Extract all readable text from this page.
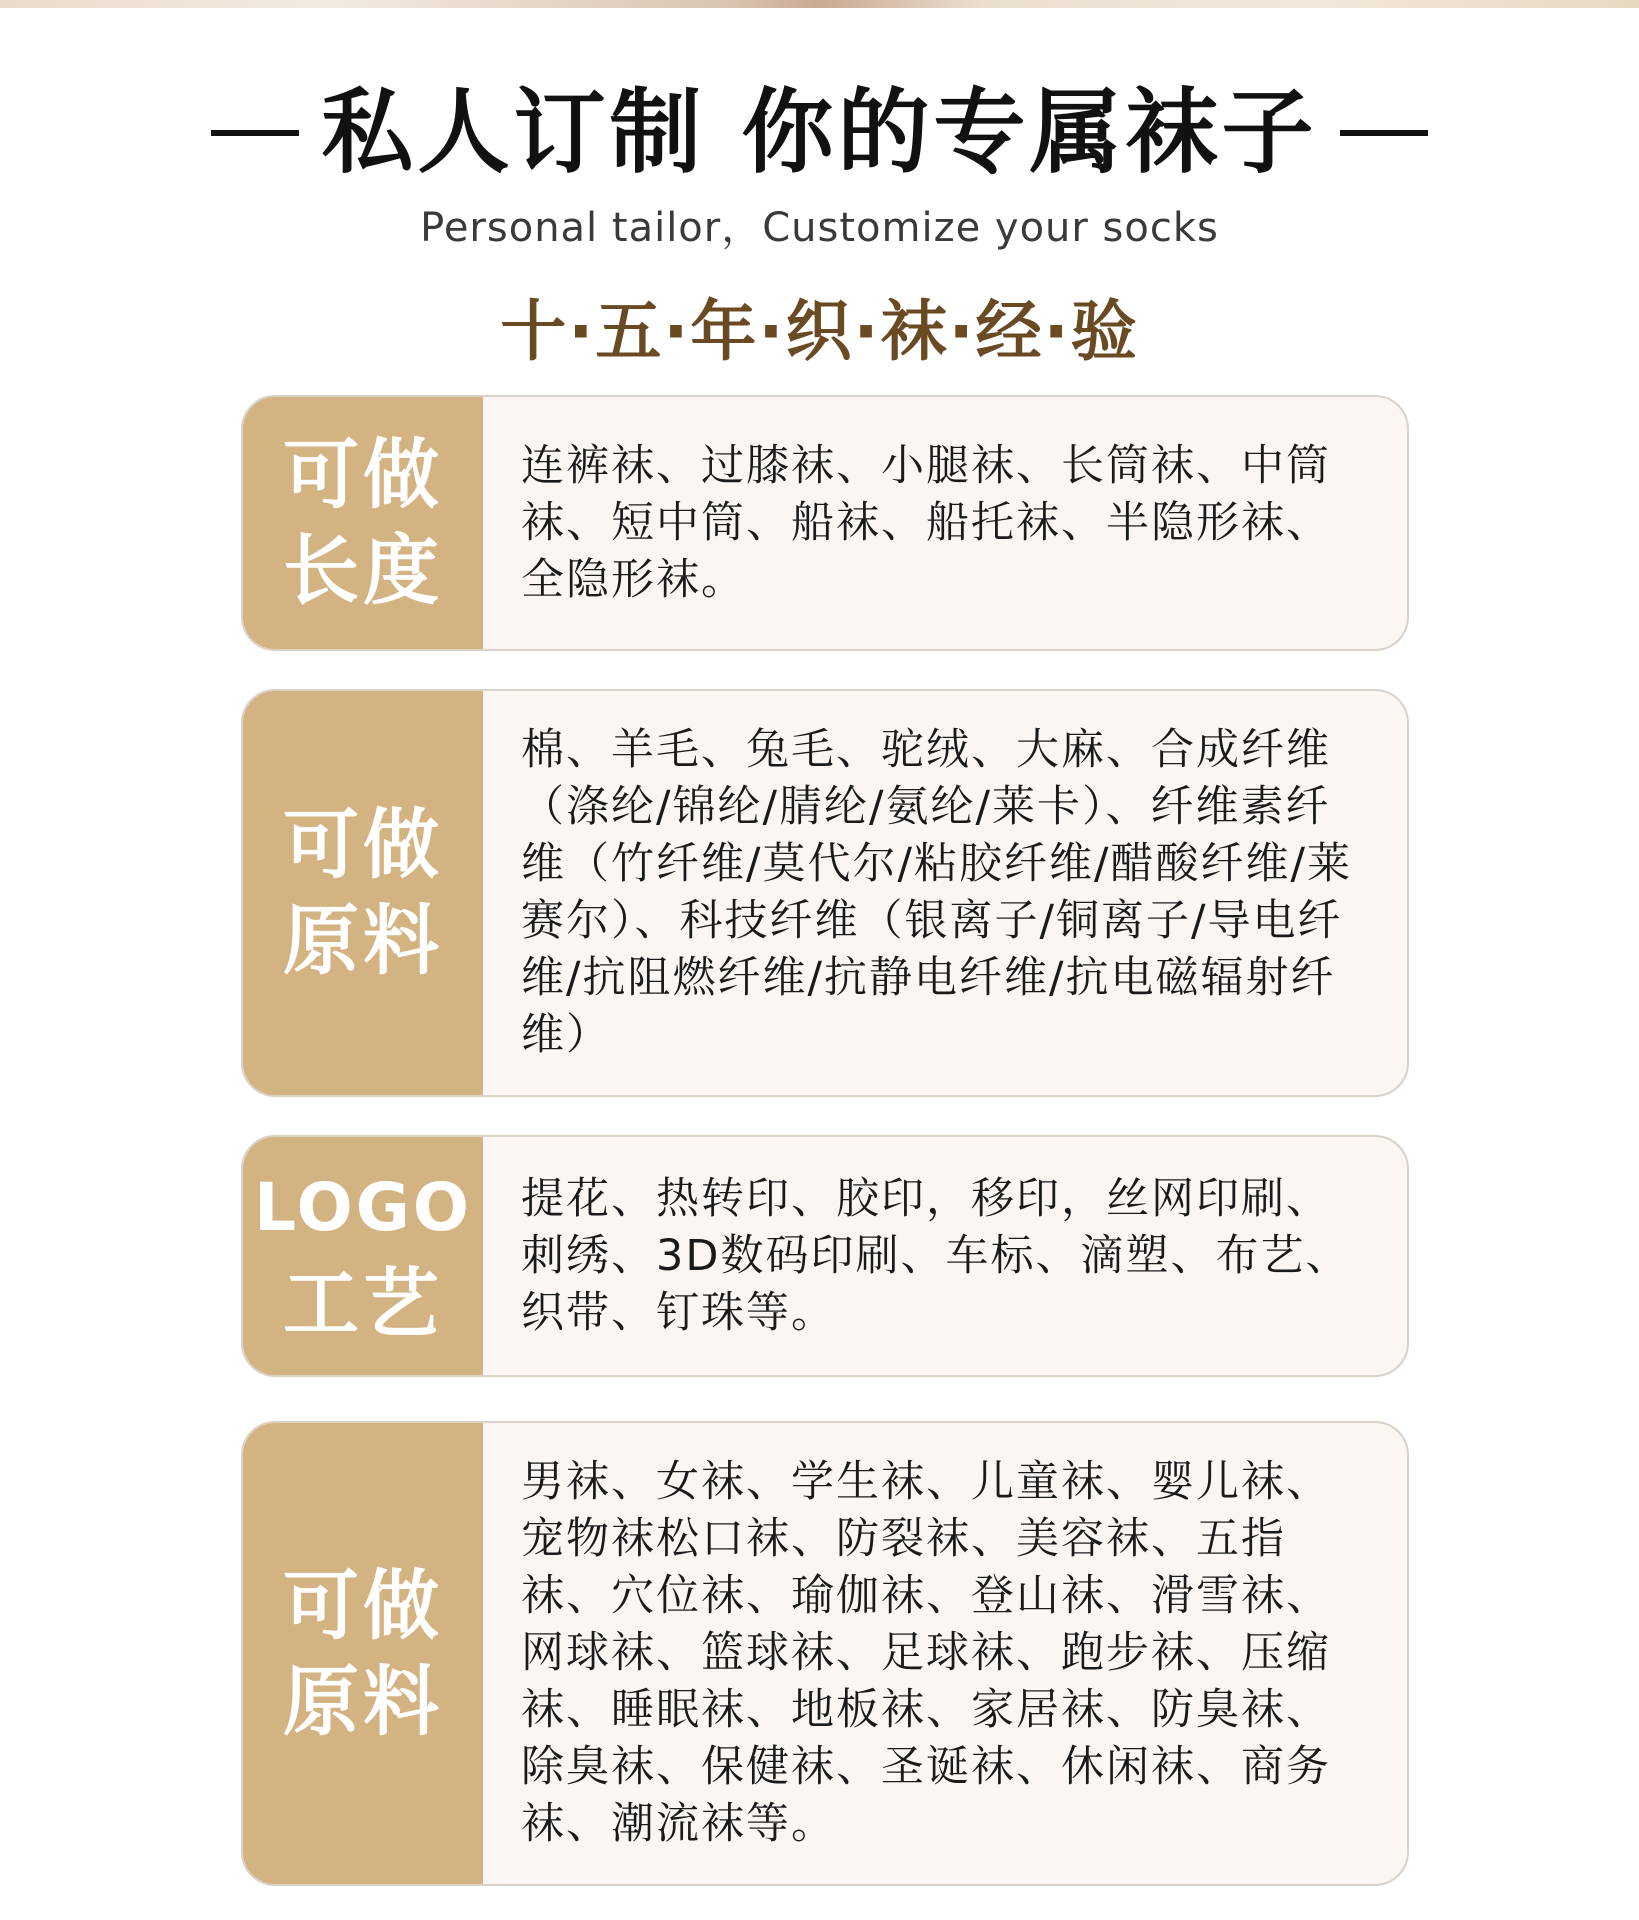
私人订制 你的专属袜子
Personal tailor，Customize your socks
十·五·年·织·袜·经·验
可做
长度
连裤袜、过膝袜、小腿袜、长筒袜、中筒袜、短中筒、船袜、船托袜、半隐形袜、全隐形袜。
可做
原料
棉、羊毛、兔毛、驼绒、大麻、合成纤维（涤纶/锦纶/腈纶/氨纶/莱卡）、纤维素纤维（竹纤维/莫代尔/粘胶纤维/醋酸纤维/莱赛尔）、科技纤维（银离子/铜离子/导电纤维/抗阻燃纤维/抗静电纤维/抗电磁辐射纤维）
LOGO
工艺
提花、热转印、胶印，移印，丝网印刷、刺绣、3D数码印刷、车标、滴塑、布艺、织带、钉珠等。
可做
原料
男袜、女袜、学生袜、儿童袜、婴儿袜、宠物袜松口袜、防裂袜、美容袜、五指袜、穴位袜、瑜伽袜、登山袜、滑雪袜、网球袜、篮球袜、足球袜、跑步袜、压缩袜、睡眠袜、地板袜、家居袜、防臭袜、除臭袜、保健袜、圣诞袜、休闲袜、商务袜、潮流袜等。
